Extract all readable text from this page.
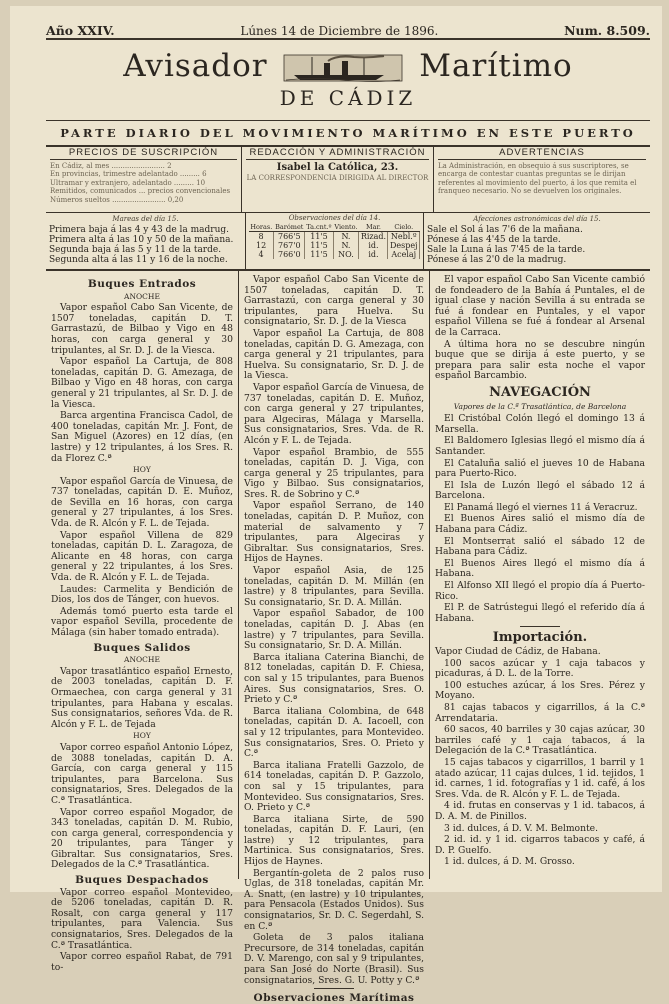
Año XXIV.	Lúnes 14 de Diciembre de 1896.	Num. 8.509.
Avisador	Marítimo
DE CÁDIZ
PARTE DIARIO DEL MOVIMIENTO MARÍTIMO EN ESTE PUERTO
PRECIOS DE SUSCRIPCIÓN
En Cádiz, al mes ........................ 2
En provincias, trimestre adelantado ......... 6
Ultramar y extranjero, adelantado ......... 10
Remitidos, comunicados ... precios convencionales
Números sueltos ........................ 0,20
REDACCIÓN Y ADMINISTRACIÓN
Isabel la Católica, 23.
LA CORRESPONDENCIA DIRIGIDA AL DIRECTOR
ADVERTENCIAS
La Administración, en obsequio á sus suscriptores, se encarga de contestar cuantas preguntas se le dirijan referentes al movimiento del puerto, á los que remita el franqueo necesario. No se devuelven los originales.
Mareas del día 15.
Primera baja á las 4 y 43 de la madrug.
Primera alta á las 10 y 50 de la mañana.
Segunda baja á las 5 y 11 de la tarde.
Segunda alta á las 11 y 16 de la noche.
Observaciones del día 14.
Horas.	Barómet	Ta.cnt.º	Viento.	Mar.	Cielo.
8	766'5	11'5	N.	Rizad.	Nebl.º
12	767'0	11'5	N.	id.	Despej
4	766'0	11'5	NO.	id.	Acelaj
Afecciones astronómicas del día 15.
Sale el Sol á las 7'6 de la mañana.
Pónese á las 4'45 de la tarde.
Sale la Luna á las 7'45 de la tarde.
Pónese á las 2'0 de la madrug.
Buques Entrados
ANOCHE

Vapor español Cabo San Vicente, de 1507 toneladas, capitán D. T. Garrastazú, de Bilbao y Vigo en 48 horas, con carga general y 30 tripulantes, al Sr. D. J. de la Viesca.

Vapor español La Cartuja, de 808 toneladas, capitán D. G. Amezaga, de Bilbao y Vigo en 48 horas, con carga general y 21 tripulantes, al Sr. D. J. de la Viesca.

Barca argentina Francisca Cadol, de 400 toneladas, capitán Mr. J. Font, de San Miguel (Azores) en 12 días, (en lastre) y 12 tripulantes, á los Sres. R. da Florez C.ª

HOY

Vapor español García de Vinuesa, de 737 toneladas, capitán D. E. Muñoz, de Sevilla en 16 horas, con carga general y 27 tripulantes, á los Sres. Vda. de R. Alcón y F. L. de Tejada.

Vapor español Villena de 829 toneladas, capitán D. L. Zaragoza, de Alicante en 48 horas, con carga general y 22 tripulantes, á los Sres. Vda. de R. Alcón y F. L. de Tejada.

Laudes: Carmelita y Bendición de Dios, los dos de Tánger, con huevos.

Además tomó puerto esta tarde el vapor español Sevilla, procedente de Málaga (sin haber tomado entrada).

Buques Salidos
ANOCHE

Vapor trasatlántico español Ernesto, de 2003 toneladas, capitán D. F. Ormaechea, con carga general y 31 tripulantes, para Habana y escalas. Sus consignatarios, señores Vda. de R. Alcón y F. L. de Tejada

HOY

Vapor correo español Antonio López, de 3088 toneladas, capitán D. A. García, con carga general y 115 tripulantes, para Barcelona. Sus consignatarios, Sres. Delegados de la C.ª Trasatlántica.

Vapor correo español Mogador, de 343 toneladas, capitán D. M. Rubio, con carga general, correspondencia y 20 tripulantes, para Tánger y Gibraltar. Sus consignatarios, Sres. Delegados de la C.ª Trasatlántica.

Buques Despachados

Vapor correo español Montevideo, de 5206 toneladas, capitán D. R. Rosalt, con carga general y 117 tripulantes, para Valencia. Sus consignatarios, Sres. Delegados de la C.ª Trasatlántica.

Vapor correo español Rabat, de 791 to-

Vapor español Cabo San Vicente de 1507 toneladas, capitán D. T. Garrastazú, con carga general y 30 tripulantes, para Huelva. Su consignatario, Sr. D. J. de la Viesca

Vapor español La Cartuja, de 808 toneladas, capitán D. G. Amezaga, con carga general y 21 tripulantes, para Huelva. Su consignatario, Sr. D. J. de la Viesca.

Vapor español García de Vinuesa, de 737 toneladas, capitán D. E. Muñoz, con carga general y 27 tripulantes, para Algeciras, Málaga y Marsella. Sus consignatarios, Sres. Vda. de R. Alcón y F. L. de Tejada.

Vapor español Brambio, de 555 toneladas, capitán D. J. Viga, con carga general y 25 tripulantes, para Vigo y Bilbao. Sus consignatarios, Sres. R. de Sobrino y C.ª

Vapor español Serrano, de 140 toneladas, capitán D. P. Muñoz, con material de salvamento y 7 tripulantes, para Algeciras y Gibraltar. Sus consignatarios, Sres. Hijos de Haynes.

Vapor español Asia, de 125 toneladas, capitán D. M. Millán (en lastre) y 8 tripulantes, para Sevilla. Su consignatario, Sr. D. A. Millán.

Vapor español Sabador, de 100 toneladas, capitán D. J. Abas (en lastre) y 7 tripulantes, para Sevilla. Su consignatario, Sr. D. A. Millán.

Barca italiana Caterina Bianchi, de 812 toneladas, capitán D. F. Chiesa, con sal y 15 tripulantes, para Buenos Aires. Sus consignatarios, Sres. O. Prieto y C.ª

Barca italiana Colombina, de 648 toneladas, capitán D. A. Iacoell, con sal y 12 tripulantes, para Montevideo. Sus consignatarios, Sres. O. Prieto y C.ª

Barca italiana Fratelli Gazzolo, de 614 toneladas, capitán D. P. Gazzolo, con sal y 15 tripulantes, para Montevideo. Sus consignatarios, Sres. O. Prieto y C.ª

Barca italiana Sirte, de 590 toneladas, capitán D. F. Lauri, (en lastre) y 12 tripulantes, para Martinica. Sus consignatarios, Sres. Hijos de Haynes.

Bergantín-goleta de 2 palos ruso Uglas, de 318 toneladas, capitán Mr. A. Snatt, (en lastre) y 10 tripulantes, para Pensacola (Estados Unidos). Sus consignatarios, Sr. D. C. Segerdahl, S. en C.ª

Goleta de 3 palos italiana Precursore, de 314 toneladas, capitán D. V. Marengo, con sal y 9 tripulantes, para San José do Norte (Brasil). Sus consignatarios, Sres. G. U. Potty y C.ª

Observaciones Marítimas

El vapor español Cabo San Vicente cambió de fondeadero de la Bahía á Puntales, el de igual clase y nación Sevilla á su entrada se fué á fondear en Puntales, y el vapor español Villena se fué á fondear al Arsenal de la Carraca.

A última hora no se descubre ningún buque que se dirija á este puerto, y se prepara para salir esta noche el vapor español Barcambio.

NAVEGACIÓN
Vapores de la C.ª Trasatlántica, de Barcelona

El Cristóbal Colón llegó el domingo 13 á Marsella.

El Baldomero Iglesias llegó el mismo día á Santander.

El Cataluña salió el jueves 10 de Habana para Puerto-Rico.

El Isla de Luzón llegó el sábado 12 á Barcelona.

El Panamá llegó el viernes 11 á Veracruz.

El Buenos Aires salió el mismo día de Habana para Cádiz.

El Montserrat salió el sábado 12 de Habana para Cádiz.

El Buenos Aires llegó el mismo día á Habana.

El Alfonso XII llegó el propio día á Puerto-Rico.

El P. de Satrústegui llegó el referido día á Habana.

Importación.

Vapor Ciudad de Cádiz, de Habana.

100 sacos azúcar y 1 caja tabacos y picaduras, á D. L. de la Torre.

100 estuches azúcar, á los Sres. Pérez y Moyano.

81 cajas tabacos y cigarrillos, á la C.ª Arrendataria.

60 sacos, 40 barriles y 30 cajas azúcar, 30 barriles café y 1 caja tabacos, á la Delegación de la C.ª Trasatlántica.

15 cajas tabacos y cigarrillos, 1 barril y 1 atado azúcar, 11 cajas dulces, 1 id. tejidos, 1 id. carnes, 1 id. fotografías y 1 id. café, á los Sres. Vda. de R. Alcón y F. L. de Tejada.

4 id. frutas en conservas y 1 id. tabacos, á D. A. M. de Pinillos.

3 id. dulces, á D. V. M. Belmonte.

2 id. id. y 1 id. cigarros tabacos y café, á D. P. Guelfo.

1 id. dulces, á D. M. Grosso.
